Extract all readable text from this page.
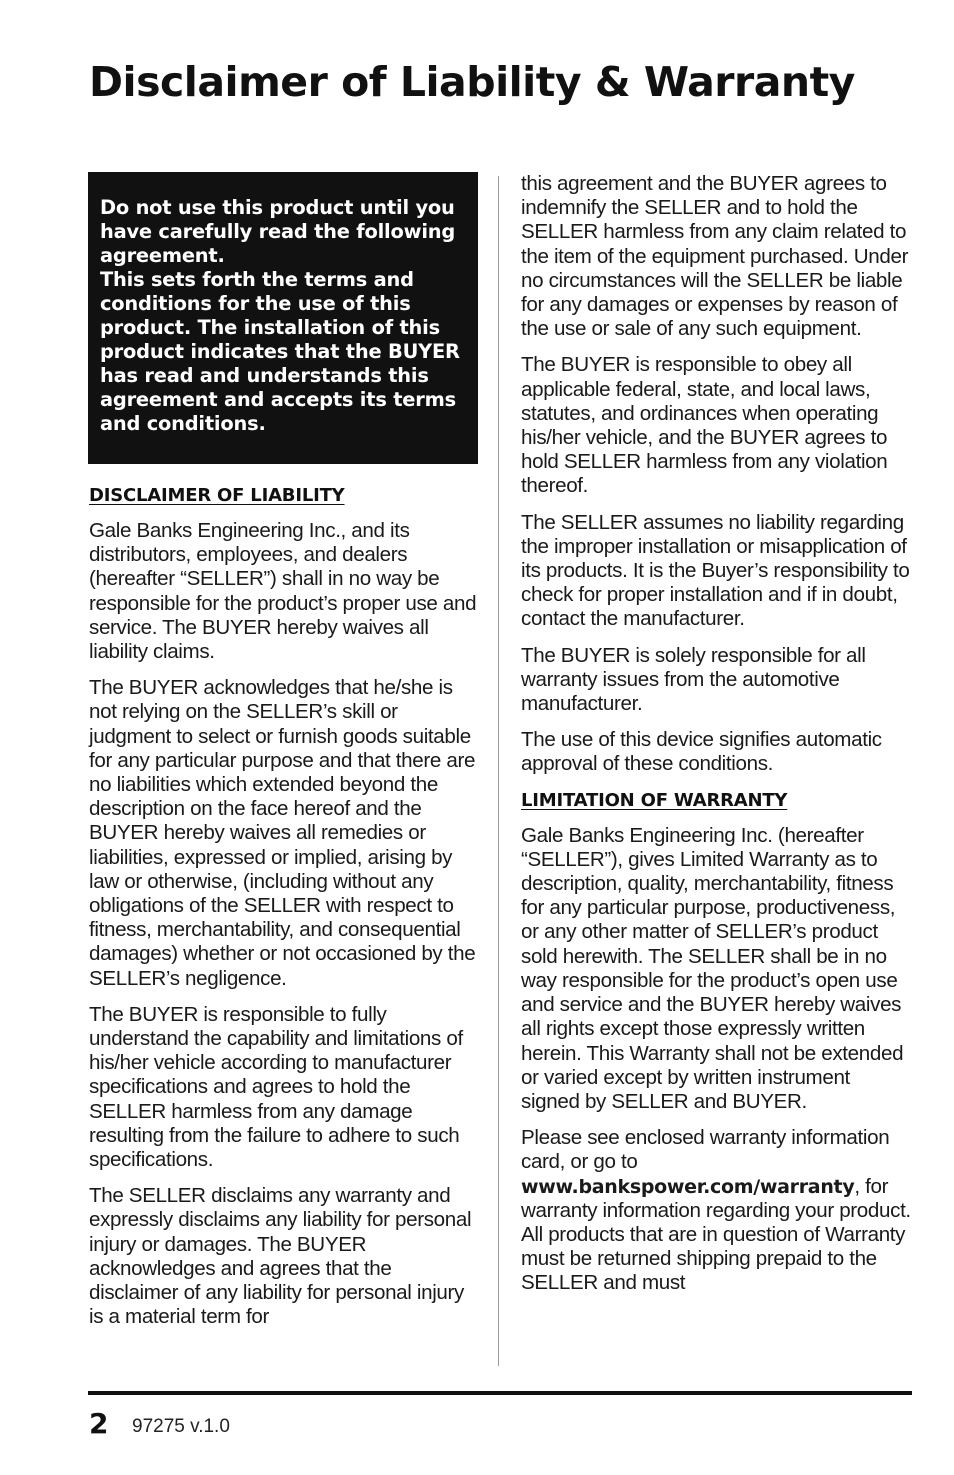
Disclaimer of Liability & Warranty

Do not use this product until you have carefully read the following agreement.

This sets forth the terms and conditions for the use of this product. The installation of this product indicates that the BUYER has read and understands this agreement and accepts its terms and conditions.

DISCLAIMER OF LIABILITY

Gale Banks Engineering Inc., and its distributors, employees, and dealers (hereafter “SELLER”) shall in no way be responsible for the product’s proper use and service. The BUYER hereby waives all liability claims.

The BUYER acknowledges that he/she is not relying on the SELLER’s skill or judgment to select or furnish goods suitable for any particular purpose and that there are no liabilities which extended beyond the description on the face hereof and the BUYER hereby waives all remedies or liabilities, expressed or implied, arising by law or otherwise, (including without any obligations of the SELLER with respect to fitness, merchantability, and consequential damages) whether or not occasioned by the SELLER’s negligence.

The BUYER is responsible to fully understand the capability and limitations of his/her vehicle according to manufacturer specifications and agrees to hold the SELLER harmless from any damage resulting from the failure to adhere to such specifications.

The SELLER disclaims any warranty and expressly disclaims any liability for personal injury or damages. The BUYER acknowledges and agrees that the disclaimer of any liability for personal injury is a material term for

this agreement and the BUYER agrees to indemnify the SELLER and to hold the SELLER harmless from any claim related to the item of the equipment purchased. Under no circumstances will the SELLER be liable for any damages or expenses by reason of the use or sale of any such equipment.

The BUYER is responsible to obey all applicable federal, state, and local laws, statutes, and ordinances when operating his/her vehicle, and the BUYER agrees to hold SELLER harmless from any violation thereof.

The SELLER assumes no liability regarding the improper installation or misapplication of its products. It is the Buyer’s responsibility to check for proper installation and if in doubt, contact the manufacturer.

The BUYER is solely responsible for all warranty issues from the automotive manufacturer.

The use of this device signifies automatic approval of these conditions.

LIMITATION OF WARRANTY

Gale Banks Engineering Inc. (hereafter “SELLER”), gives Limited Warranty as to description, quality, merchantability, fitness for any particular purpose, productiveness, or any other matter of SELLER’s product sold herewith. The SELLER shall be in no way responsible for the product’s open use and service and the BUYER hereby waives all rights except those expressly written herein. This Warranty shall not be extended or varied except by written instrument signed by SELLER and BUYER.

Please see enclosed warranty information card, or go to www.bankspower.com/warranty, for warranty information regarding your product. All products that are in question of Warranty must be returned shipping prepaid to the SELLER and must

2 97275 v.1.0
